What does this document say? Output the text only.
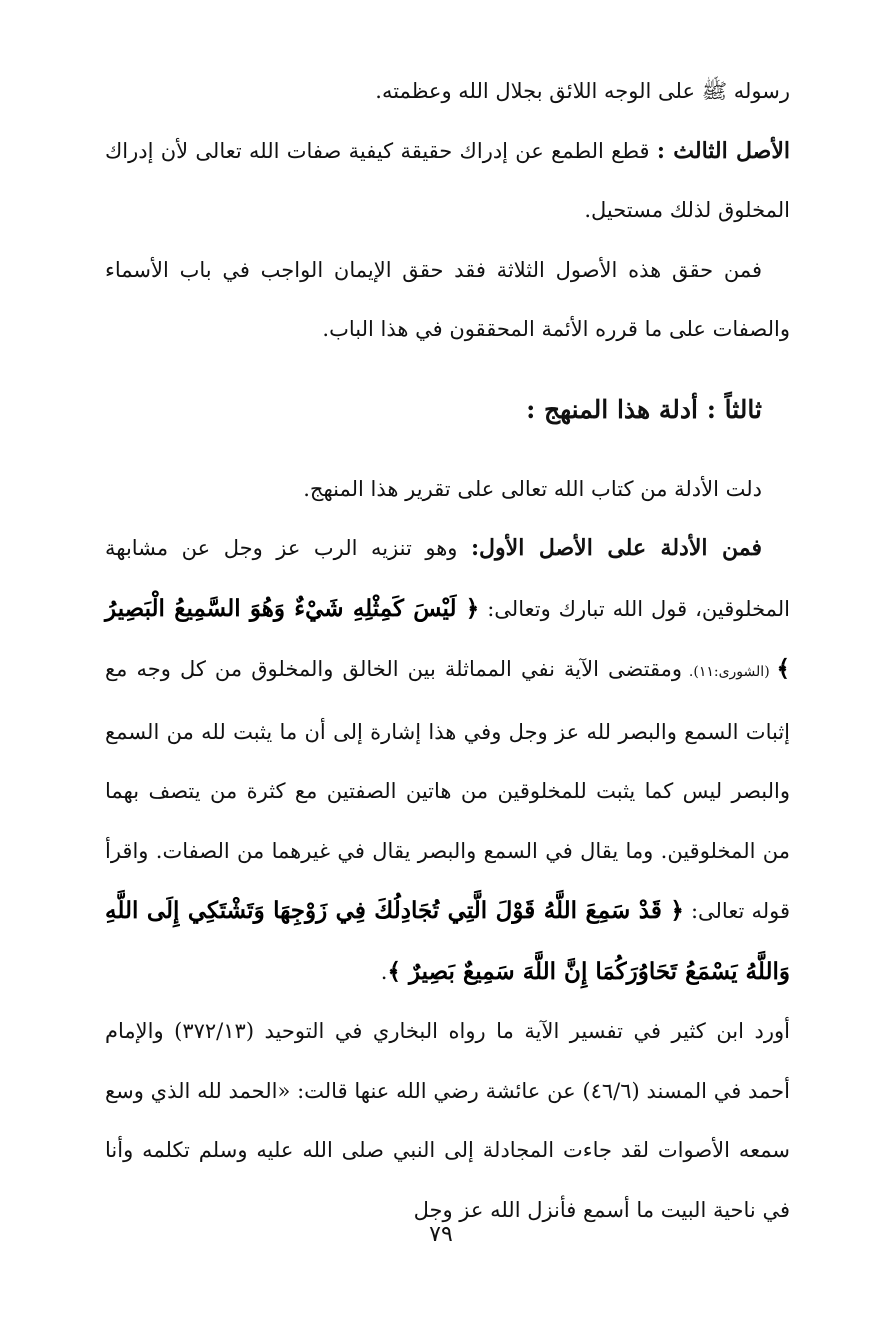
رسوله ﷺ على الوجه اللائق بجلال الله وعظمته.

الأصل الثالث : قطع الطمع عن إدراك حقيقة كيفية صفات الله تعالى لأن إدراك المخلوق لذلك مستحيل.

فمن حقق هذه الأصول الثلاثة فقد حقق الإيمان الواجب في باب الأسماء والصفات على ما قرره الأئمة المحققون في هذا الباب.

ثالثاً : أدلة هذا المنهج :

دلت الأدلة من كتاب الله تعالى على تقرير هذا المنهج.

فمن الأدلة على الأصل الأول: وهو تنزيه الرب عز وجل عن مشابهة المخلوقين، قول الله تبارك وتعالى: ﴿ لَيْسَ كَمِثْلِهِ شَيْءٌ وَهُوَ السَّمِيعُ الْبَصِيرُ ﴾ (الشورى:١١). ومقتضى الآية نفي المماثلة بين الخالق والمخلوق من كل وجه مع إثبات السمع والبصر لله عز وجل وفي هذا إشارة إلى أن ما يثبت لله من السمع والبصر ليس كما يثبت للمخلوقين من هاتين الصفتين مع كثرة من يتصف بهما من المخلوقين. وما يقال في السمع والبصر يقال في غيرهما من الصفات. واقرأ قوله تعالى: ﴿ قَدْ سَمِعَ اللَّهُ قَوْلَ الَّتِي تُجَادِلُكَ فِي زَوْجِهَا وَتَشْتَكِي إِلَى اللَّهِ وَاللَّهُ يَسْمَعُ تَحَاوُرَكُمَا إِنَّ اللَّهَ سَمِيعٌ بَصِيرٌ ﴾.

أورد ابن كثير في تفسير الآية ما رواه البخاري في التوحيد (٣٧٢/١٣) والإمام أحمد في المسند (٤٦/٦) عن عائشة رضي الله عنها قالت: «الحمد لله الذي وسع سمعه الأصوات لقد جاءت المجادلة إلى النبي صلى الله عليه وسلم تكلمه وأنا في ناحية البيت ما أسمع فأنزل الله عز وجل

٧٩
